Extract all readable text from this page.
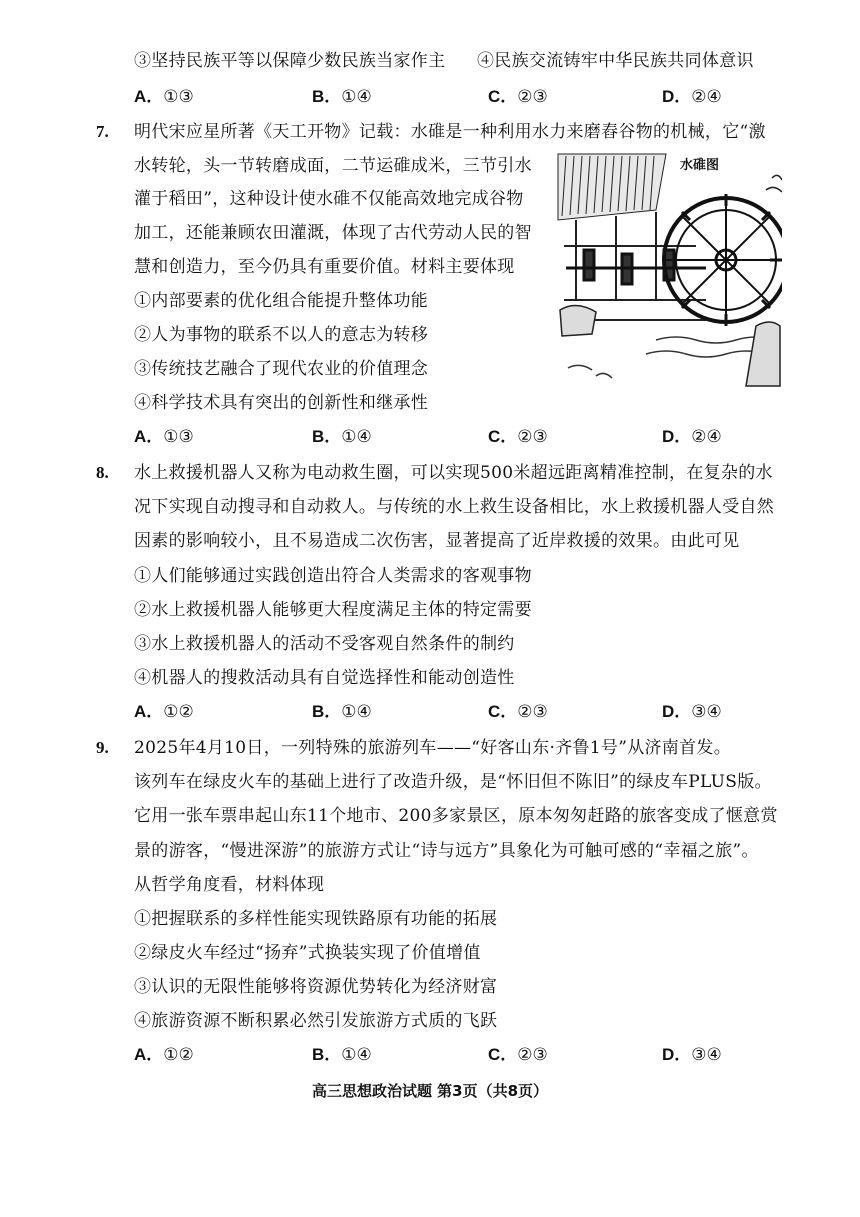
③坚持民族平等以保障少数民族当家作主 ④民族交流铸牢中华民族共同体意识
A．①③	B．①④	C．②③	D．②④
7. 明代宋应星所著《天工开物》记载：水碓是一种利用水力来磨舂谷物的机械，它“激
水转轮，头一节转磨成面，二节运碓成米，三节引水
灌于稻田”，这种设计使水碓不仅能高效地完成谷物
加工，还能兼顾农田灌溉，体现了古代劳动人民的智
慧和创造力，至今仍具有重要价值。材料主要体现
①内部要素的优化组合能提升整体功能
②人为事物的联系不以人的意志为转移
③传统技艺融合了现代农业的价值理念
④科学技术具有突出的创新性和继承性
水碓图
A．①③	B．①④	C．②③	D．②④
8. 水上救援机器人又称为电动救生圈，可以实现500米超远距离精准控制，在复杂的水
况下实现自动搜寻和自动救人。与传统的水上救生设备相比，水上救援机器人受自然
因素的影响较小，且不易造成二次伤害，显著提高了近岸救援的效果。由此可见
①人们能够通过实践创造出符合人类需求的客观事物
②水上救援机器人能够更大程度满足主体的特定需要
③水上救援机器人的活动不受客观自然条件的制约
④机器人的搜救活动具有自觉选择性和能动创造性
A．①②	B．①④	C．②③	D．③④
9. 2025年4月10日，一列特殊的旅游列车——“好客山东·齐鲁1号”从济南首发。
该列车在绿皮火车的基础上进行了改造升级，是“怀旧但不陈旧”的绿皮车PLUS版。
它用一张车票串起山东11个地市、200多家景区，原本匆匆赶路的旅客变成了惬意赏
景的游客，“慢进深游”的旅游方式让“诗与远方”具象化为可触可感的“幸福之旅”。
从哲学角度看，材料体现
①把握联系的多样性能实现铁路原有功能的拓展
②绿皮火车经过“扬弃”式换装实现了价值增值
③认识的无限性能够将资源优势转化为经济财富
④旅游资源不断积累必然引发旅游方式质的飞跃
A．①②	B．①④	C．②③	D．③④
高三思想政治试题 第3页（共8页）
